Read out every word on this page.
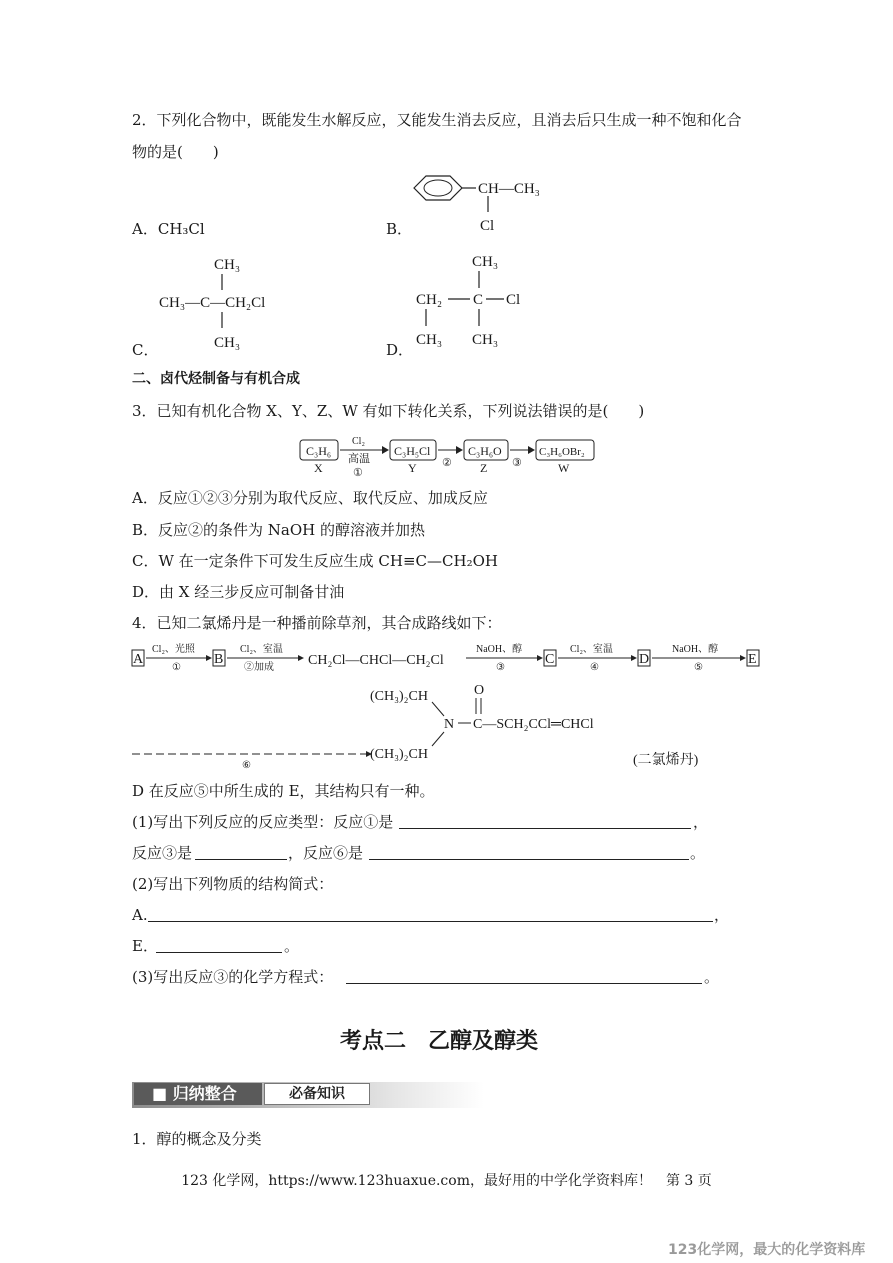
2．下列化合物中，既能发生水解反应，又能发生消去反应，且消去后只生成一种不饱和化合
物的是(　　)
A．CH₃Cl	B．
CH—CH₃
Cl
C．
CH₃
CH₃—C—CH₂Cl
CH₃	D．
CH₃
CH₂ C Cl
CH₃ CH₃
二、卤代烃制备与有机合成
3．已知有机化合物 X、Y、Z、W 有如下转化关系，下列说法错误的是(　　)
C₃H₆
X
Cl₂
高温
①
C₃H₅Cl
Y ②
C₃H₆O
Z ③
C₃H₆OBr₂
W
A．反应①②③分别为取代反应、取代反应、加成反应
B．反应②的条件为 NaOH 的醇溶液并加热
C．W 在一定条件下可发生反应生成 CH≡C—CH₂OH
D．由 X 经三步反应可制备甘油
4．已知二氯烯丹是一种播前除草剂，其合成路线如下：
A
Cl₂、光照
①
B
Cl₂、室温
②加成 CH₂Cl—CHCl—CH₂Cl
NaOH、醇
③
C
Cl₂、室温
④
D
NaOH、醇
⑤
E
O
(CH₃)₂CH
N C—SCH₂CCl═CHCl
⑥
(CH₃)₂CH	(二氯烯丹)
D 在反应⑤中所生成的 E，其结构只有一种。
(1)写出下列反应的反应类型：反应①是	，
反应③是	，反应⑥是	。
(2)写出下列物质的结构简式：
A.	，
E．	。
(3)写出反应③的化学方程式：	。
考点二　乙醇及醇类
■ 归纳整合	必备知识
1．醇的概念及分类
123 化学网，https://www.123huaxue.com，最好用的中学化学资料库！　第 3 页
123化学网，最大的化学资料库
